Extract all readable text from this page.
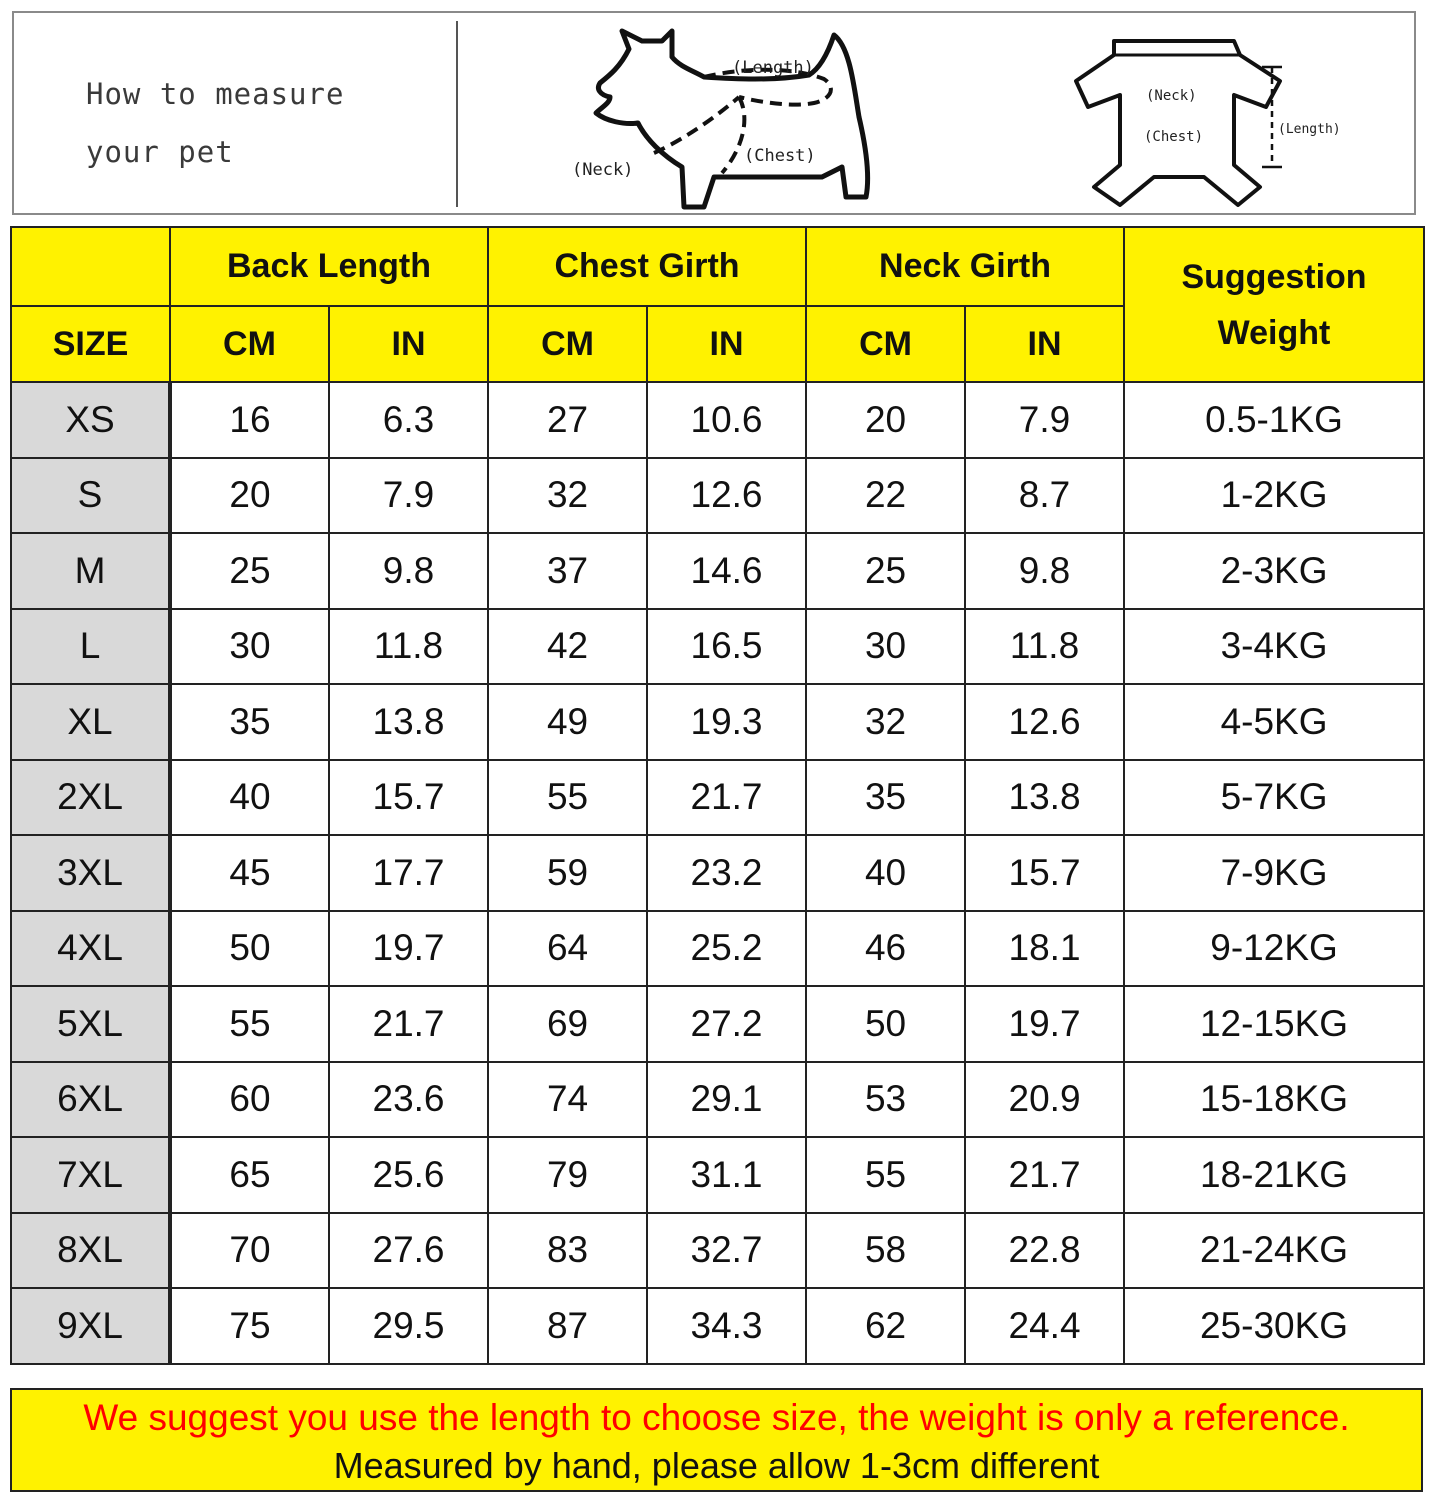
How to measure
your pet
(Length)
(Neck)
(Chest)
(Neck)
(Chest)	(Length)
	Back Length		Chest Girth		Neck Girth		Suggestion
Weight

SIZE	CM	IN	CM	IN	CM	IN	
XS	16	6.3	27	10.6	20	7.9	0.5-1KG
S	20	7.9	32	12.6	22	8.7	1-2KG
M	25	9.8	37	14.6	25	9.8	2-3KG
L	30	11.8	42	16.5	30	11.8	3-4KG
XL	35	13.8	49	19.3	32	12.6	4-5KG
2XL	40	15.7	55	21.7	35	13.8	5-7KG
3XL	45	17.7	59	23.2	40	15.7	7-9KG
4XL	50	19.7	64	25.2	46	18.1	9-12KG
5XL	55	21.7	69	27.2	50	19.7	12-15KG
6XL	60	23.6	74	29.1	53	20.9	15-18KG
7XL	65	25.6	79	31.1	55	21.7	18-21KG
8XL	70	27.6	83	32.7	58	22.8	21-24KG
9XL	75	29.5	87	34.3	62	24.4	25-30KG
We suggest you use the length to choose size, the weight is only a reference.
Measured by hand, please allow 1-3cm different
